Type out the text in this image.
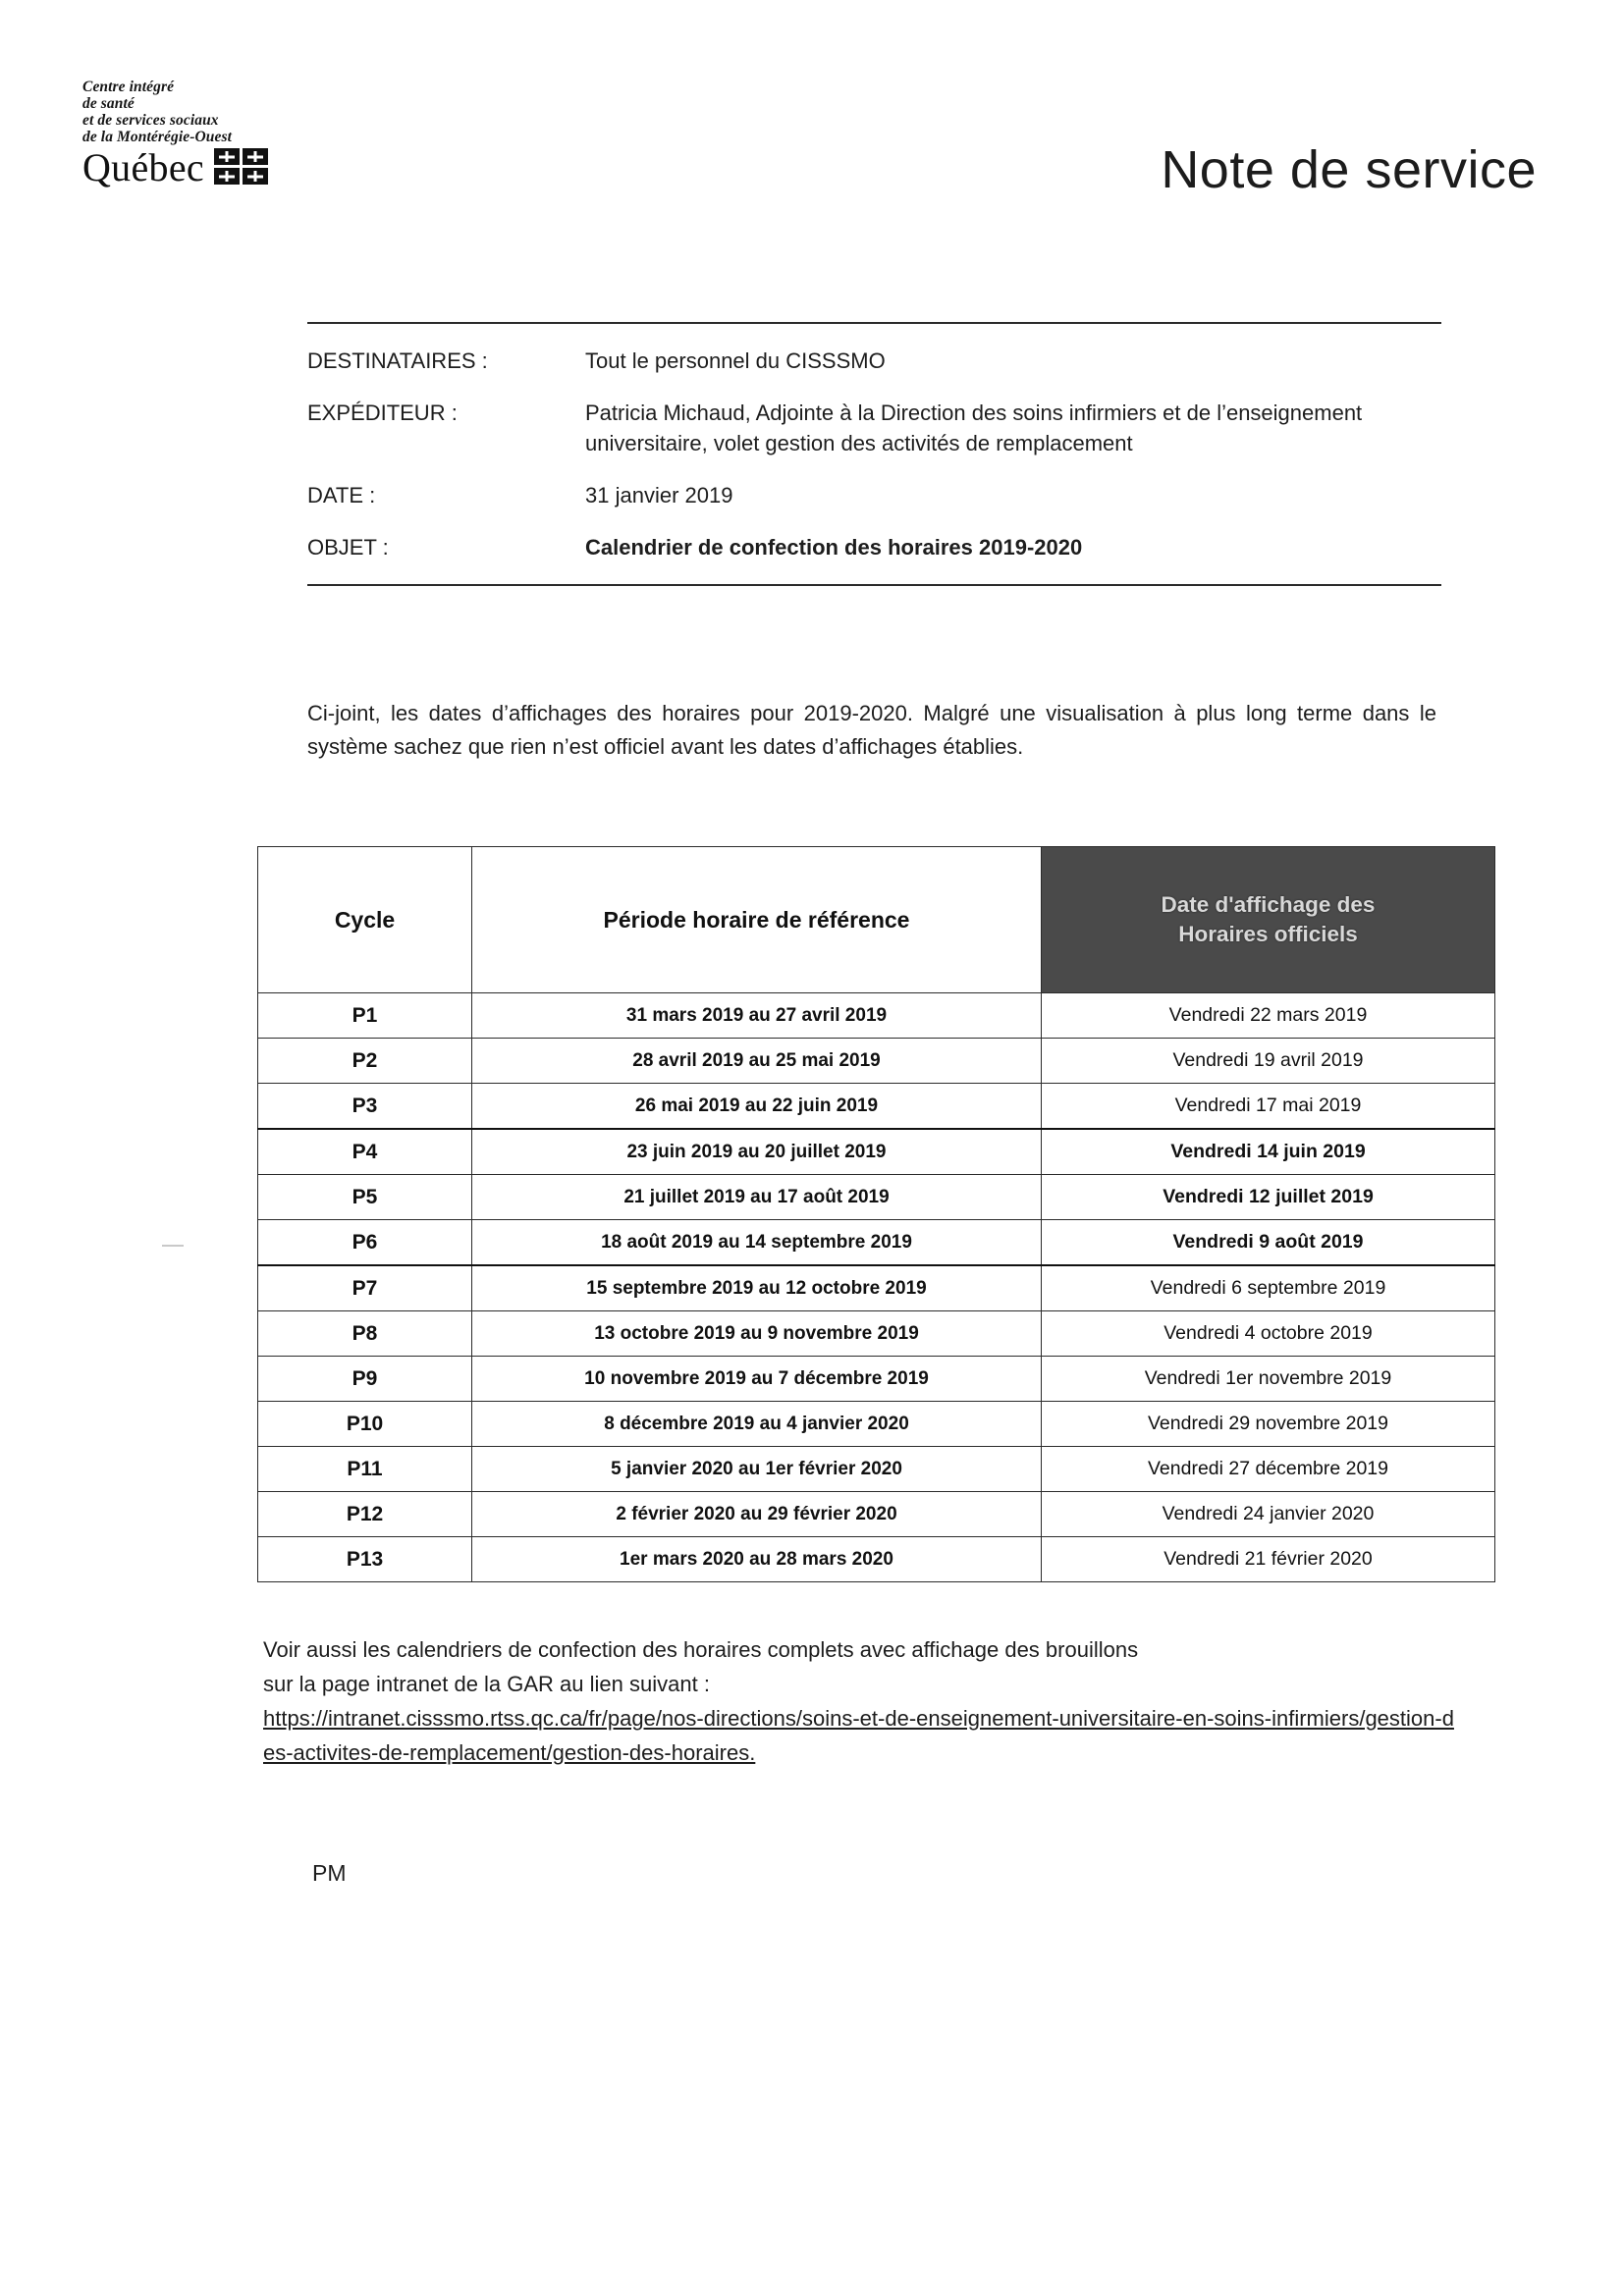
Centre intégré
de santé
et de services sociaux
de la Montérégie-Ouest
Québec	Note de service
DESTINATAIRES :	Tout le personnel du CISSSMO
EXPÉDITEUR :	Patricia Michaud, Adjointe à la Direction des soins infirmiers et de l’enseignement universitaire, volet gestion des activités de remplacement
DATE :	31 janvier 2019
OBJET :	Calendrier de confection des horaires 2019-2020
Ci-joint, les dates d’affichages des horaires pour 2019-2020. Malgré une visualisation à plus long terme dans le système sachez que rien n’est officiel avant les dates d’affichages établies.
Cycle	Période horaire de référence	Date d'affichage des
Horaires officiels

P1	31 mars 2019 au 27 avril 2019	Vendredi 22 mars 2019
P2	28 avril 2019 au 25 mai 2019	Vendredi 19 avril 2019
P3	26 mai 2019 au 22 juin 2019	Vendredi 17 mai 2019
P4	23 juin 2019 au 20 juillet 2019	Vendredi 14 juin 2019
P5	21 juillet 2019 au 17 août 2019	Vendredi 12 juillet 2019
P6	18 août 2019 au 14 septembre 2019	Vendredi 9 août 2019
P7	15 septembre 2019 au 12 octobre 2019	Vendredi 6 septembre 2019
P8	13 octobre 2019 au 9 novembre 2019	Vendredi 4 octobre 2019
P9	10 novembre 2019 au 7 décembre 2019	Vendredi 1er novembre 2019
P10	8 décembre 2019 au 4 janvier 2020	Vendredi 29 novembre 2019
P11	5 janvier 2020 au 1er février 2020	Vendredi 27 décembre 2019
P12	2 février 2020 au 29 février 2020	Vendredi 24 janvier 2020
P13	1er mars 2020 au 28 mars 2020	Vendredi 21 février 2020
Voir aussi les calendriers de confection des horaires complets avec affichage des brouillons
sur la page intranet de la GAR au lien suivant :
https://intranet.cisssmo.rtss.qc.ca/fr/page/nos-directions/soins-et-de-enseignement-universitaire-en-soins-infirmiers/gestion-des-activites-de-remplacement/gestion-des-horaires.
PM
